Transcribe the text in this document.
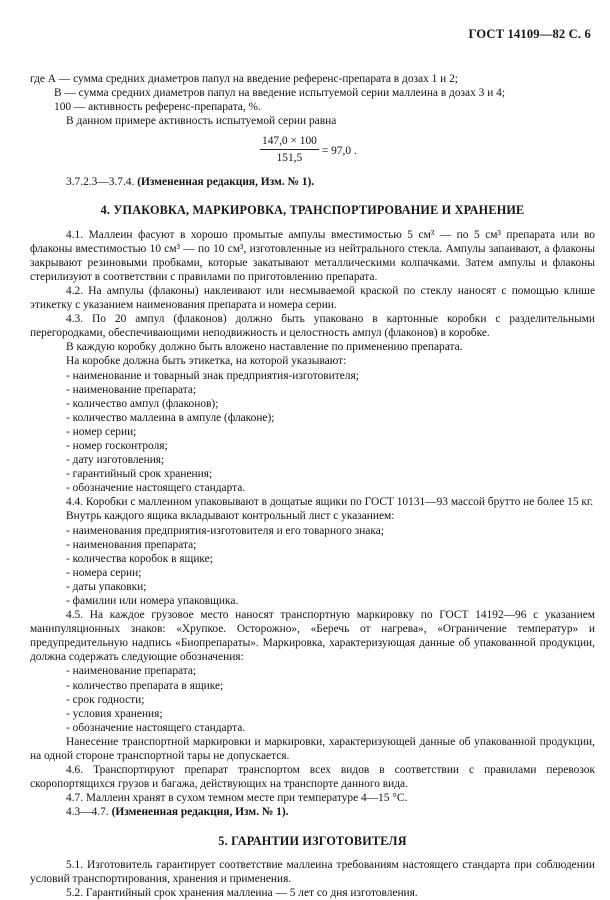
ГОСТ 14109—82 С. 6

где А — сумма средних диаметров папул на введение референс-препарата в дозах 1 и 2;

В — сумма средних диаметров папул на введение испытуемой серии маллеина в дозах 3 и 4;

100 — активность референс-препарата, %.

В данном примере активность испытуемой серии равна

$\frac{147,0 \times 100}{151,5} = 97,0$ .

3.7.2.3—3.7.4. (Измененная редакция, Изм. № 1).

4. УПАКОВКА, МАРКИРОВКА, ТРАНСПОРТИРОВАНИЕ И ХРАНЕНИЕ

4.1. Маллеин фасуют в хорошо промытые ампулы вместимостью 5 см³ — по 5 см³ препарата или во флаконы вместимостью 10 см³ — по 10 см³, изготовленные из нейтрального стекла. Ампулы запаивают, а флаконы закрывают резиновыми пробками, которые закатывают металлическими колпачками. Затем ампулы и флаконы стерилизуют в соответствии с правилами по приготовлению препарата.

4.2. На ампулы (флаконы) наклеивают или несмываемой краской по стеклу наносят с помощью клише этикетку с указанием наименования препарата и номера серии.

4.3. По 20 ампул (флаконов) должно быть упаковано в картонные коробки с разделительными перегородками, обеспечивающими неподвижность и целостность ампул (флаконов) в коробке.

В каждую коробку должно быть вложено наставление по применению препарата.

На коробке должна быть этикетка, на которой указывают:

- наименование и товарный знак предприятия-изготовителя;
- наименование препарата;
- количество ампул (флаконов);
- количество маллеина в ампуле (флаконе);
- номер серии;
- номер госконтроля;
- дату изготовления;
- гарантийный срок хранения;
- обозначение настоящего стандарта.

4.4. Коробки с маллеином упаковывают в дощатые ящики по ГОСТ 10131—93 массой брутто не более 15 кг.

Внутрь каждого ящика вкладывают контрольный лист с указанием:

- наименования предприятия-изготовителя и его товарного знака;
- наименования препарата;
- количества коробок в ящике;
- номера серии;
- даты упаковки;
- фамилии или номера упаковщика.

4.5. На каждое грузовое место наносят транспортную маркировку по ГОСТ 14192—96 с указанием манипуляционных знаков: «Хрупкое. Осторожно», «Беречь от нагрева», «Ограничение температур» и предупредительную надпись «Биопрепараты». Маркировка, характеризующая данные об упакованной продукции, должна содержать следующие обозначения:

- наименование препарата;
- количество препарата в ящике;
- срок годности;
- условия хранения;
- обозначение настоящего стандарта.

Нанесение транспортной маркировки и маркировки, характеризующей данные об упакованной продукции, на одной стороне транспортной тары не допускается.

4.6. Транспортируют препарат транспортом всех видов в соответствии с правилами перевозок скоропортящихся грузов и багажа, действующих на транспорте данного вида.

4.7. Маллеин хранят в сухом темном месте при температуре 4—15 °С.

4.3—4.7. (Измененная редакция, Изм. № 1).

5. ГАРАНТИИ ИЗГОТОВИТЕЛЯ

5.1. Изготовитель гарантирует соответствие маллеина требованиям настоящего стандарта при соблюдении условий транспортирования, хранения и применения.

5.2. Гарантийный срок хранения маллеина — 5 лет со дня изготовления.
